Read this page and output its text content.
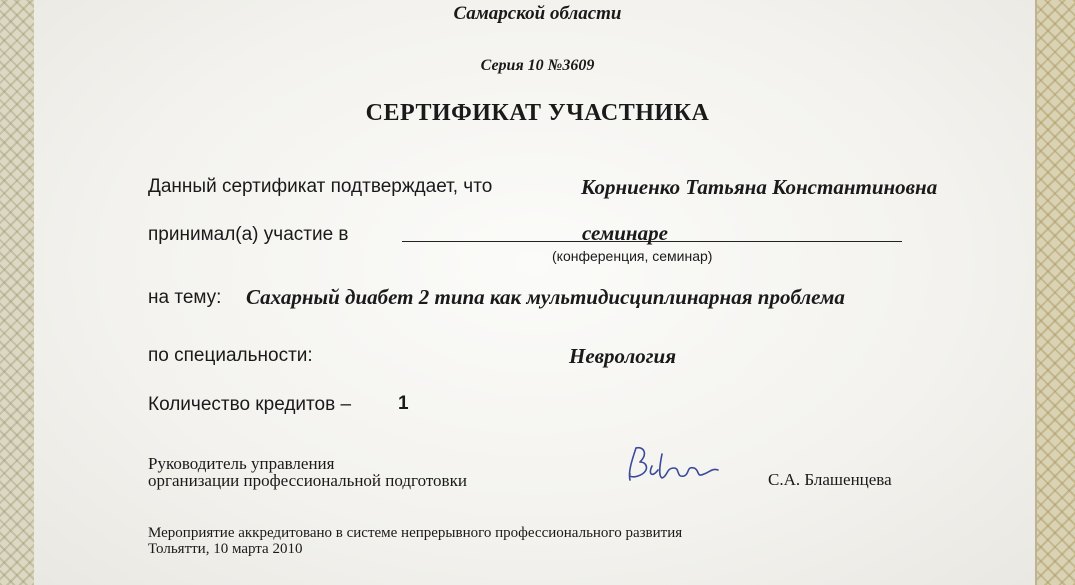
Самарской области
Серия 10 №3609
СЕРТИФИКАТ УЧАСТНИКА
Данный сертификат подтверждает, что	Корниенко Татьяна Константиновна
принимал(а) участие в	семинаре
(конференция, семинар)
на тему: Сахарный диабет 2 типа как мультидисциплинарная проблема
по специальности:	Неврология
Количество кредитов – 1
Руководитель управления
организации профессиональной подготовки	С.А. Блашенцева
Мероприятие аккредитовано в системе непрерывного профессионального развития
Тольятти, 10 марта 2010
